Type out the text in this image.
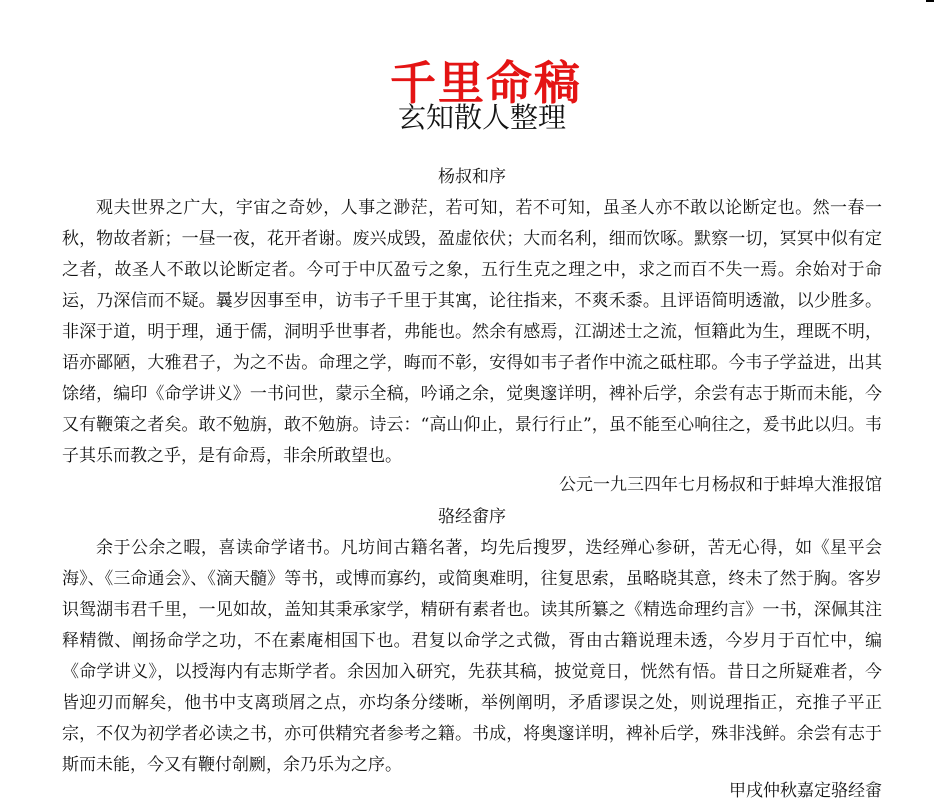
千里命稿
玄知散人整理
杨叔和序

观夫世界之广大，宇宙之奇妙，人事之渺茫，若可知，若不可知，虽圣人亦不敢以论断定也。然一春一秋，物故者新；一昼一夜，花开者谢。废兴成毁，盈虚依伏；大而名利，细而饮啄。默察一切，冥冥中似有定之者，故圣人不敢以论断定者。今可于中仄盈亏之象，五行生克之理之中，求之而百不失一焉。余始对于命运，乃深信而不疑。曩岁因事至申，访韦子千里于其寓，论往指来，不爽禾黍。且评语简明透澈，以少胜多。非深于道，明于理，通于儒，洞明乎世事者，弗能也。然余有感焉，江湖述士之流，恒籍此为生，理既不明，语亦鄙陋，大雅君子，为之不齿。命理之学，晦而不彰，安得如韦子者作中流之砥柱耶。今韦子学益进，出其馀绪，编印《命学讲义》一书问世，蒙示全稿，吟诵之余，觉奥邃详明，裨补后学，余尝有志于斯而未能，今又有鞭策之者矣。敢不勉旃，敢不勉旃。诗云：“高山仰止，景行行止”，虽不能至心响往之，爰书此以归。韦子其乐而教之乎，是有命焉，非余所敢望也。

公元一九三四年七月杨叔和于蚌埠大淮报馆
骆经畬序

余于公余之暇，喜读命学诸书。凡坊间古籍名著，均先后搜罗，迭经殚心参研，苦无心得，如《星平会海》、《三命通会》、《滴天髓》等书，或博而寡约，或简奥难明，往复思索，虽略晓其意，终未了然于胸。客岁识鸳湖韦君千里，一见如故，盖知其秉承家学，精研有素者也。读其所纂之《精选命理约言》一书，深佩其注释精微、阐扬命学之功，不在素庵相国下也。君复以命学之式微，胥由古籍说理未透，今岁月于百忙中，编《命学讲义》，以授海内有志斯学者。余因加入研究，先获其稿，披觉竟日，恍然有悟。昔日之所疑难者，今皆迎刃而解矣，他书中支离琐屑之点，亦均条分缕晰，举例阐明，矛盾谬误之处，则说理指正，充推子平正宗，不仅为初学者必读之书，亦可供精究者参考之籍。书成，将奥邃详明，裨补后学，殊非浅鲜。余尝有志于斯而未能，今又有鞭付剞劂，余乃乐为之序。

甲戌仲秋嘉定骆经畲
